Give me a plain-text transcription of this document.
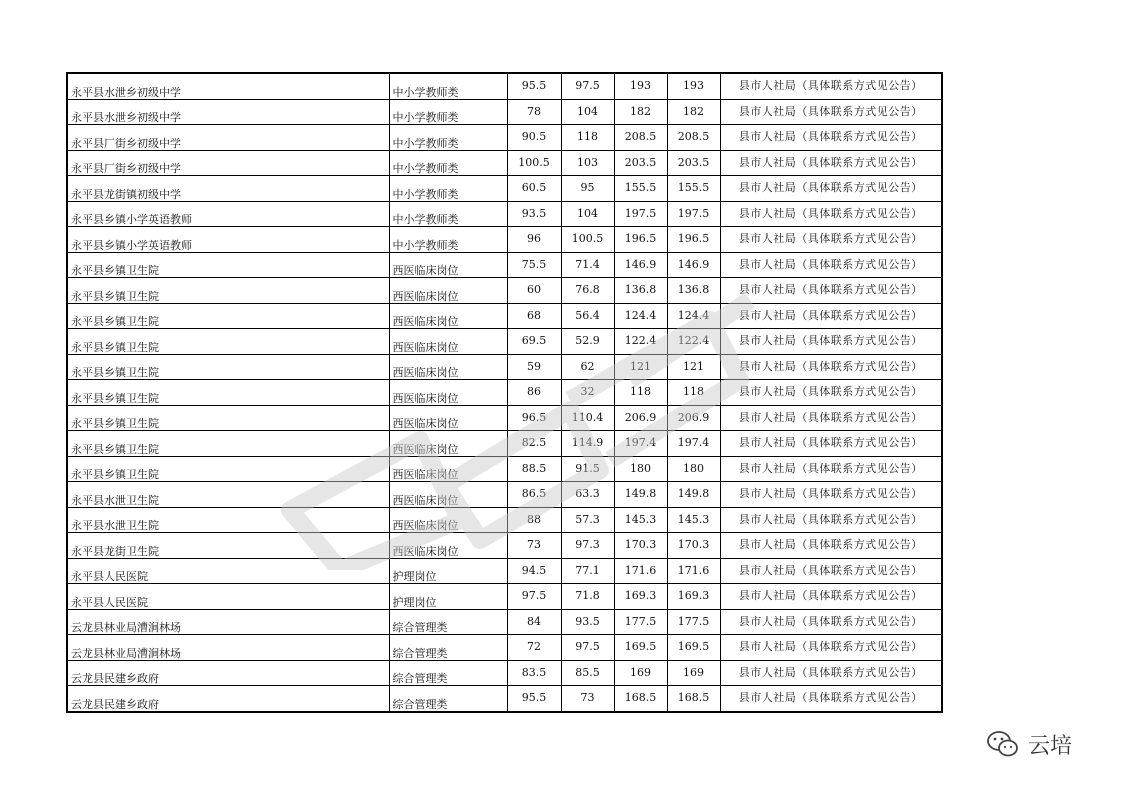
永平县水泄乡初级中学	中小学教师类	95.5	97.5	193	193	县市人社局（具体联系方式见公告）
永平县水泄乡初级中学	中小学教师类	78	104	182	182	县市人社局（具体联系方式见公告）
永平县厂街乡初级中学	中小学教师类	90.5	118	208.5	208.5	县市人社局（具体联系方式见公告）
永平县厂街乡初级中学	中小学教师类	100.5	103	203.5	203.5	县市人社局（具体联系方式见公告）
永平县龙街镇初级中学	中小学教师类	60.5	95	155.5	155.5	县市人社局（具体联系方式见公告）
永平县乡镇小学英语教师	中小学教师类	93.5	104	197.5	197.5	县市人社局（具体联系方式见公告）
永平县乡镇小学英语教师	中小学教师类	96	100.5	196.5	196.5	县市人社局（具体联系方式见公告）
永平县乡镇卫生院	西医临床岗位	75.5	71.4	146.9	146.9	县市人社局（具体联系方式见公告）
永平县乡镇卫生院	西医临床岗位	60	76.8	136.8	136.8	县市人社局（具体联系方式见公告）
永平县乡镇卫生院	西医临床岗位	68	56.4	124.4	124.4	县市人社局（具体联系方式见公告）
永平县乡镇卫生院	西医临床岗位	69.5	52.9	122.4	122.4	县市人社局（具体联系方式见公告）
永平县乡镇卫生院	西医临床岗位	59	62	121	121	县市人社局（具体联系方式见公告）
永平县乡镇卫生院	西医临床岗位	86	32	118	118	县市人社局（具体联系方式见公告）
永平县乡镇卫生院	西医临床岗位	96.5	110.4	206.9	206.9	县市人社局（具体联系方式见公告）
永平县乡镇卫生院	西医临床岗位	82.5	114.9	197.4	197.4	县市人社局（具体联系方式见公告）
永平县乡镇卫生院	西医临床岗位	88.5	91.5	180	180	县市人社局（具体联系方式见公告）
永平县水泄卫生院	西医临床岗位	86.5	63.3	149.8	149.8	县市人社局（具体联系方式见公告）
永平县水泄卫生院	西医临床岗位	88	57.3	145.3	145.3	县市人社局（具体联系方式见公告）
永平县龙街卫生院	西医临床岗位	73	97.3	170.3	170.3	县市人社局（具体联系方式见公告）
永平县人民医院	护理岗位	94.5	77.1	171.6	171.6	县市人社局（具体联系方式见公告）
永平县人民医院	护理岗位	97.5	71.8	169.3	169.3	县市人社局（具体联系方式见公告）
云龙县林业局漕涧林场	综合管理类	84	93.5	177.5	177.5	县市人社局（具体联系方式见公告）
云龙县林业局漕涧林场	综合管理类	72	97.5	169.5	169.5	县市人社局（具体联系方式见公告）
云龙县民建乡政府	综合管理类	83.5	85.5	169	169	县市人社局（具体联系方式见公告）
云龙县民建乡政府	综合管理类	95.5	73	168.5	168.5	县市人社局（具体联系方式见公告）
云培
